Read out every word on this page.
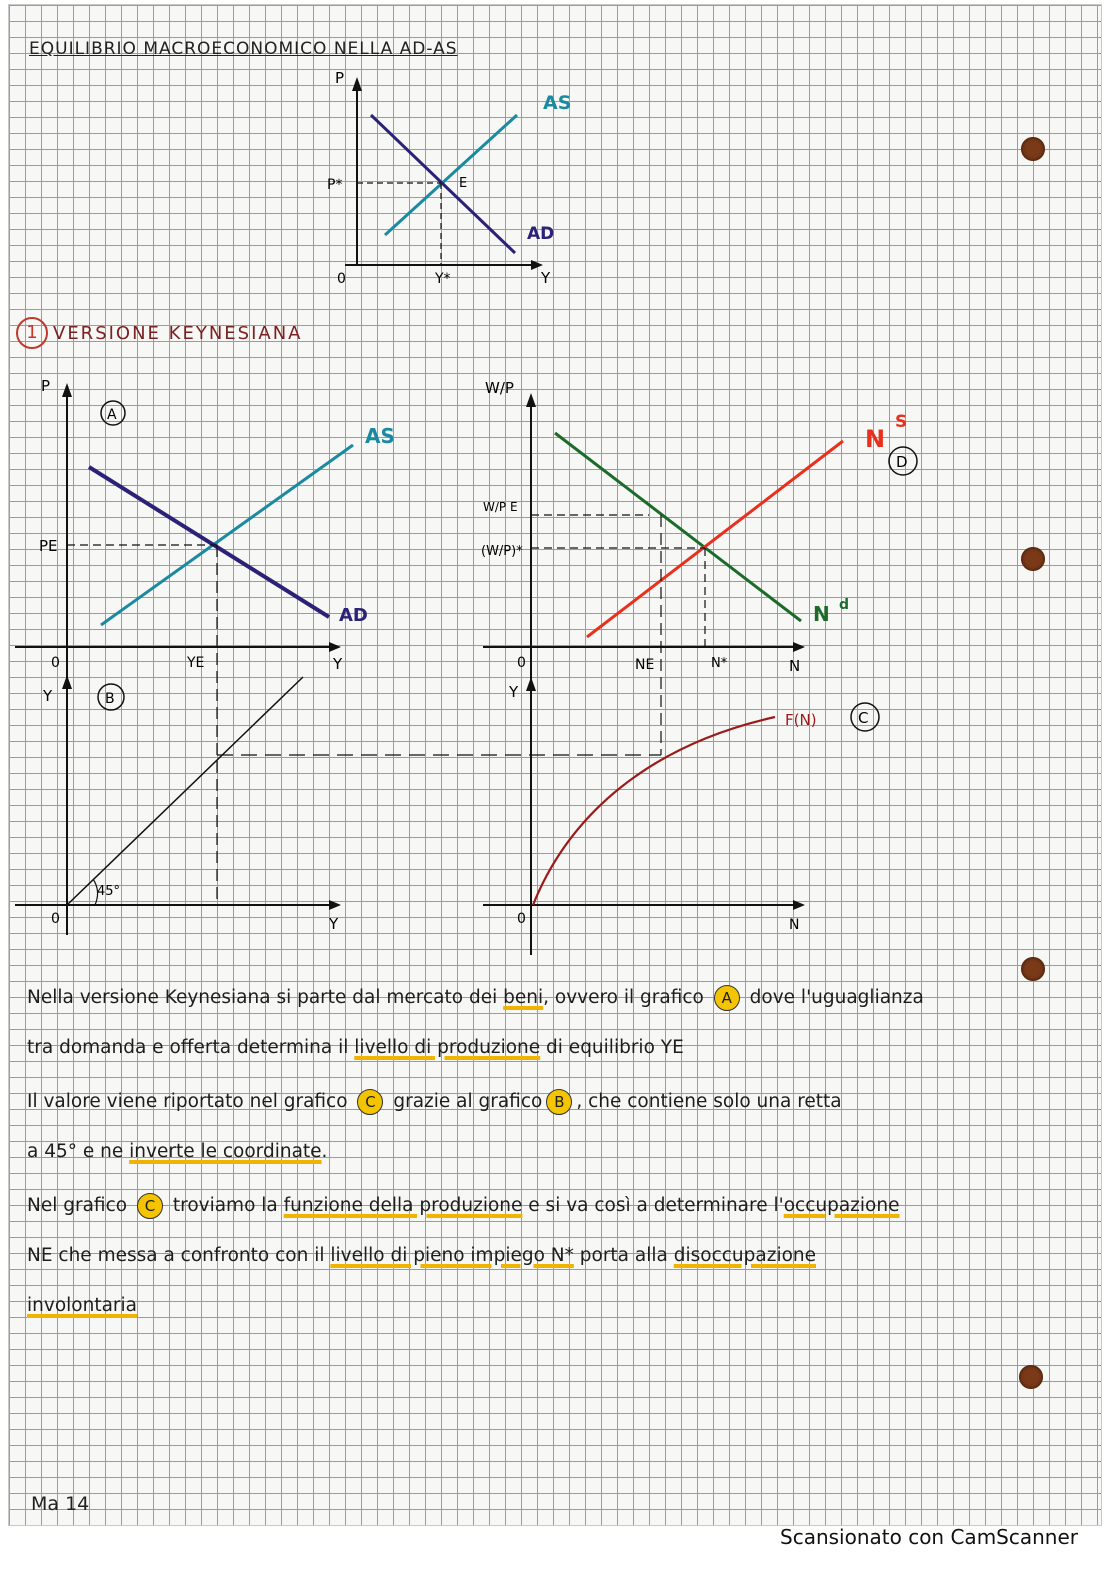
EQUILIBRIO MACROECONOMICO NELLA AD-AS
P
Y
0
P*
Y*
E
AS
AD
1 VERSIONE KEYNESIANA
P
Y
0
A
PE
YE
AS
AD
W/P
N
0
W/P E
(W/P)*
NE	N*
N
S
N d
D
Y
Y
0
B
45°
Y
N
0
F(N)	C
Nella versione Keynesiana si parte dal mercato dei beni, ovvero il grafico A dove l'uguaglianza
tra domanda e offerta determina il livello di produzione di equilibrio YE
Il valore viene riportato nel grafico C grazie al grafico B , che contiene solo una retta
a 45° e ne inverte le coordinate.
Nel grafico C troviamo la funzione della produzione e si va così a determinare l'occupazione
NE che messa a confronto con il livello di pieno impiego N* porta alla disoccupazione
involontaria
Ma 14
Scansionato con CamScanner
